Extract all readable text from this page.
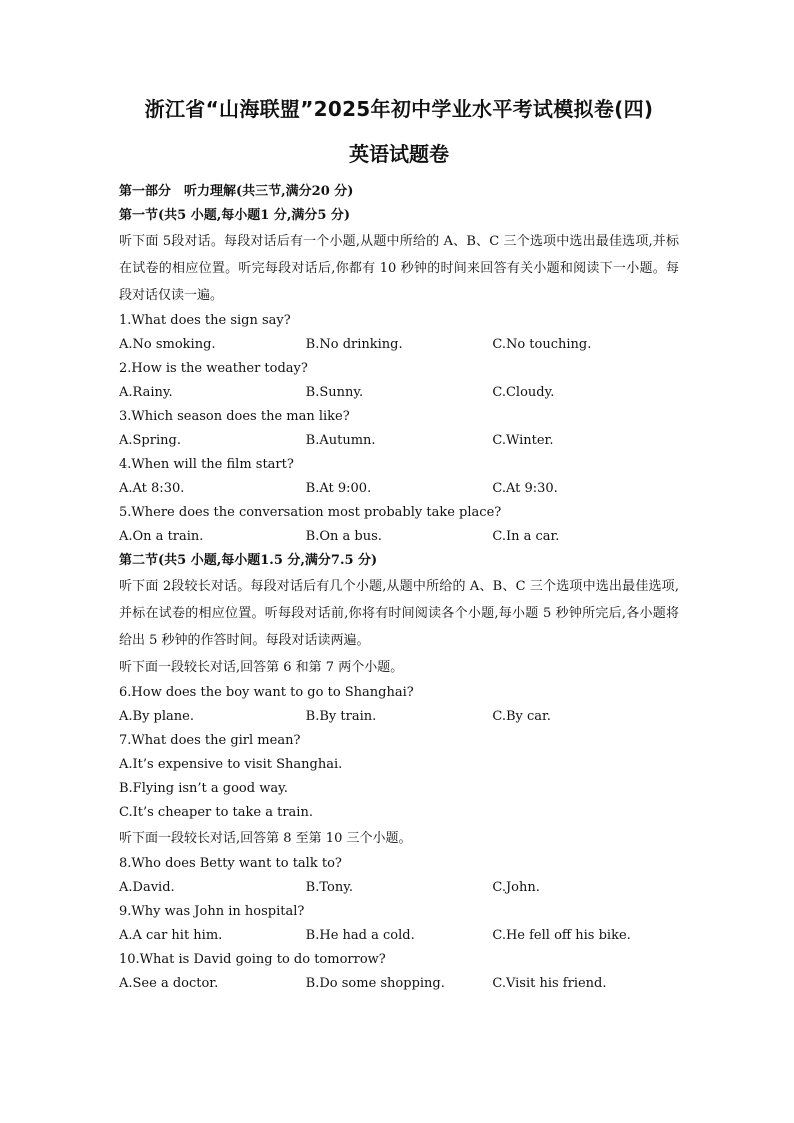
浙江省“山海联盟”2025年初中学业水平考试模拟卷(四)
英语试题卷
第一部分　听力理解(共三节,满分20 分)
第一节(共5 小题,每小题1 分,满分5 分)
听下面 5段对话。每段对话后有一个小题,从题中所给的 A、B、C 三个选项中选出最佳选项,并标在试卷的相应位置。听完每段对话后,你都有 10 秒钟的时间来回答有关小题和阅读下一小题。每段对话仅读一遍。
1.What does the sign say?
A.No smoking.	B.No drinking.	C.No touching.
2.How is the weather today?
A.Rainy.	B.Sunny.	C.Cloudy.
3.Which season does the man like?
A.Spring.	B.Autumn.	C.Winter.
4.When will the film start?
A.At 8:30.	B.At 9:00.	C.At 9:30.
5.Where does the conversation most probably take place?
A.On a train.	B.On a bus.	C.In a car.
第二节(共5 小题,每小题1.5 分,满分7.5 分)
听下面 2段较长对话。每段对话后有几个小题,从题中所给的 A、B、C 三个选项中选出最佳选项,并标在试卷的相应位置。听每段对话前,你将有时间阅读各个小题,每小题 5 秒钟所完后,各小题将给出 5 秒钟的作答时间。每段对话读两遍。
听下面一段较长对话,回答第 6 和第 7 两个小题。
6.How does the boy want to go to Shanghai?
A.By plane.	B.By train.	C.By car.
7.What does the girl mean?
A.It’s expensive to visit Shanghai.
B.Flying isn’t a good way.
C.It’s cheaper to take a train.
听下面一段较长对话,回答第 8 至第 10 三个小题。
8.Who does Betty want to talk to?
A.David.	B.Tony.	C.John.
9.Why was John in hospital?
A.A car hit him.	B.He had a cold.	C.He fell off his bike.
10.What is David going to do tomorrow?
A.See a doctor.	B.Do some shopping.	C.Visit his friend.
